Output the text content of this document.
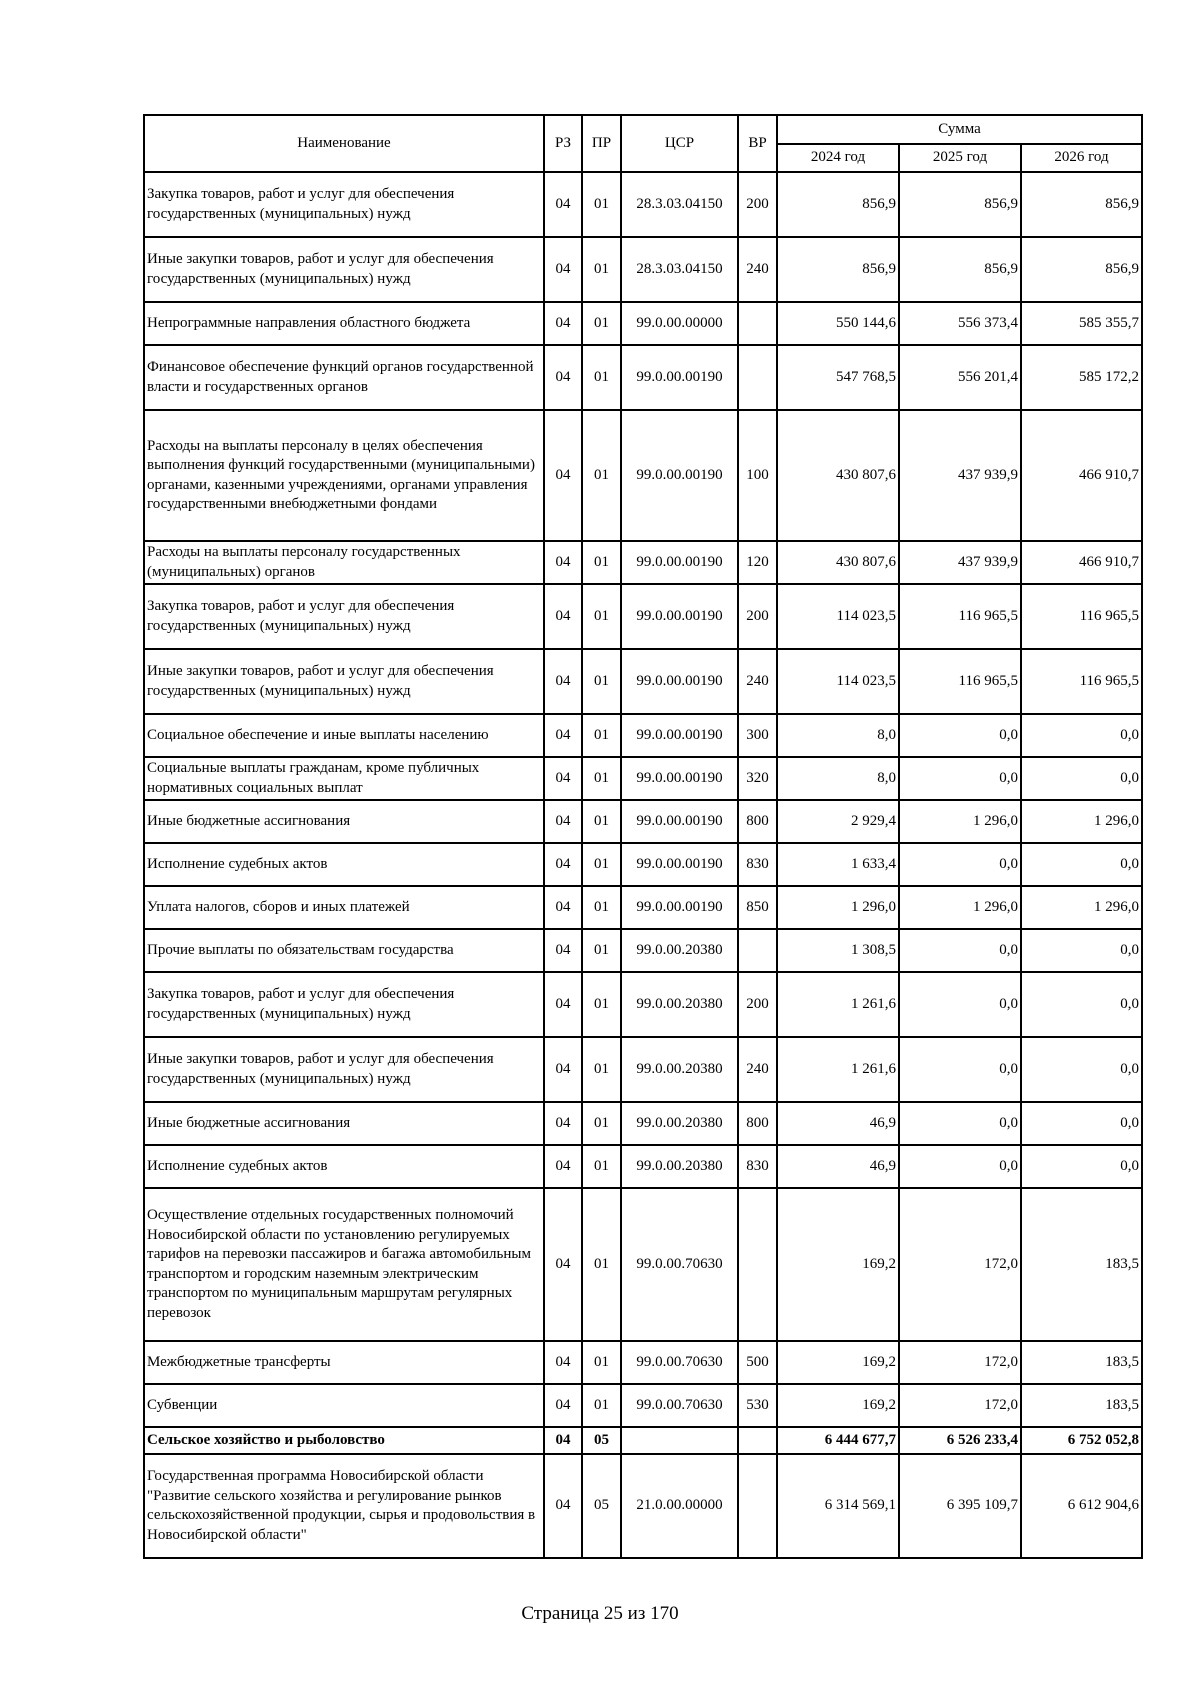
Наименование	РЗ	ПР	ЦСР	ВР	Сумма		
					2024 год	2025 год	2026 год
Закупка товаров, работ и услуг для обеспечения государственных (муниципальных) нужд	04	01	28.3.03.04150	200	856,9	856,9	856,9
Иные закупки товаров, работ и услуг для обеспечения государственных (муниципальных) нужд	04	01	28.3.03.04150	240	856,9	856,9	856,9
Непрограммные направления областного бюджета	04	01	99.0.00.00000		550 144,6	556 373,4	585 355,7
Финансовое обеспечение функций органов государственной власти и государственных органов	04	01	99.0.00.00190		547 768,5	556 201,4	585 172,2
Расходы на выплаты персоналу в целях обеспечения выполнения функций государственными (муниципальными) органами, казенными учреждениями, органами управления государственными внебюджетными фондами	04	01	99.0.00.00190	100	430 807,6	437 939,9	466 910,7
Расходы на выплаты персоналу государственных (муниципальных) органов	04	01	99.0.00.00190	120	430 807,6	437 939,9	466 910,7
Закупка товаров, работ и услуг для обеспечения государственных (муниципальных) нужд	04	01	99.0.00.00190	200	114 023,5	116 965,5	116 965,5
Иные закупки товаров, работ и услуг для обеспечения государственных (муниципальных) нужд	04	01	99.0.00.00190	240	114 023,5	116 965,5	116 965,5
Социальное обеспечение и иные выплаты населению	04	01	99.0.00.00190	300	8,0	0,0	0,0
Социальные выплаты гражданам, кроме публичных нормативных социальных выплат	04	01	99.0.00.00190	320	8,0	0,0	0,0
Иные бюджетные ассигнования	04	01	99.0.00.00190	800	2 929,4	1 296,0	1 296,0
Исполнение судебных актов	04	01	99.0.00.00190	830	1 633,4	0,0	0,0
Уплата налогов, сборов и иных платежей	04	01	99.0.00.00190	850	1 296,0	1 296,0	1 296,0
Прочие выплаты по обязательствам государства	04	01	99.0.00.20380		1 308,5	0,0	0,0
Закупка товаров, работ и услуг для обеспечения государственных (муниципальных) нужд	04	01	99.0.00.20380	200	1 261,6	0,0	0,0
Иные закупки товаров, работ и услуг для обеспечения государственных (муниципальных) нужд	04	01	99.0.00.20380	240	1 261,6	0,0	0,0
Иные бюджетные ассигнования	04	01	99.0.00.20380	800	46,9	0,0	0,0
Исполнение судебных актов	04	01	99.0.00.20380	830	46,9	0,0	0,0
Осуществление отдельных государственных полномочий Новосибирской области по установлению регулируемых тарифов на перевозки пассажиров и багажа автомобильным транспортом и городским наземным электрическим транспортом по муниципальным маршрутам регулярных перевозок	04	01	99.0.00.70630		169,2	172,0	183,5
Межбюджетные трансферты	04	01	99.0.00.70630	500	169,2	172,0	183,5
Субвенции	04	01	99.0.00.70630	530	169,2	172,0	183,5
Сельское хозяйство и рыболовство	04	05			6 444 677,7	6 526 233,4	6 752 052,8
Государственная программа Новосибирской области "Развитие сельского хозяйства и регулирование рынков сельскохозяйственной продукции, сырья и продовольствия в Новосибирской области"	04	05	21.0.00.00000		6 314 569,1	6 395 109,7	6 612 904,6
Страница 25 из 170
